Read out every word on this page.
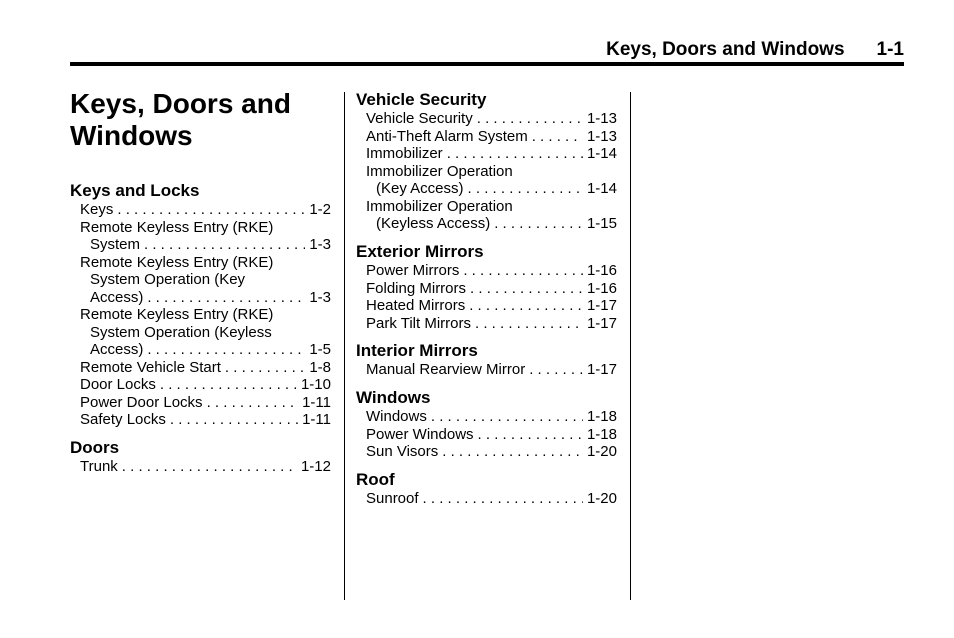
Keys, Doors and Windows 1-1
Keys, Doors and Windows
Keys and Locks
Keys . . .	1-2
Remote Keyless Entry (RKE)
System . . .	1-3
Remote Keyless Entry (RKE)
System Operation (Key
Access) . . .	1-3
Remote Keyless Entry (RKE)
System Operation (Keyless
Access) . . .	1-5
Remote Vehicle Start . . .	1-8
Door Locks . . .	1-10
Power Door Locks . . .	1-11
Safety Locks . . .	1-11
Doors
Trunk . . .	1-12
Vehicle Security
Vehicle Security . . .	1-13
Anti-Theft Alarm System . . .	1-13
Immobilizer . . .	1-14
Immobilizer Operation
(Key Access) . . .	1-14
Immobilizer Operation
(Keyless Access) . . .	1-15
Exterior Mirrors
Power Mirrors . . .	1-16
Folding Mirrors . . .	1-16
Heated Mirrors . . .	1-17
Park Tilt Mirrors . . .	1-17
Interior Mirrors
Manual Rearview Mirror . . .	1-17
Windows
Windows . . .	1-18
Power Windows . . .	1-18
Sun Visors . . .	1-20
Roof
Sunroof . . .	1-20
